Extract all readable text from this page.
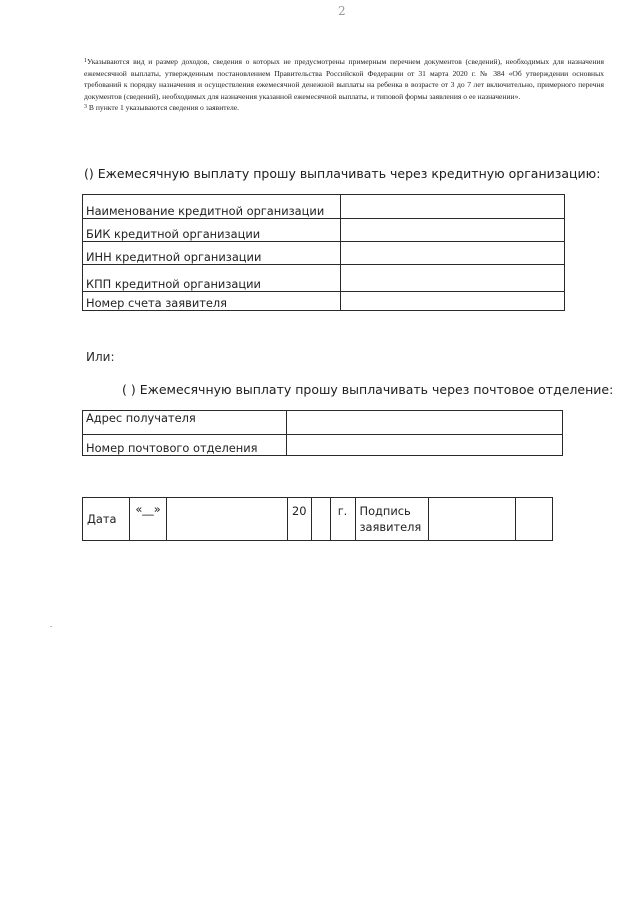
2

$^1$Указываются вид и размер доходов, сведения о которых не предусмотрены примерным перечнем документов (сведений), необходимых для назначения ежемесячной выплаты, утвержденным постановлением Правительства Российской Федерации от 31 марта 2020 г. № 384 «Об утверждении основных требований к порядку назначения и осуществления ежемесячной денежной выплаты на ребенка в возрасте от 3 до 7 лет включительно, примерного перечня документов (сведений), необходимых для назначения указанной ежемесячной выплаты, и типовой формы заявления о ее назначении».

$^3$ В пункте 1 указываются сведения о заявителе.

() Ежемесячную выплату прошу выплачивать через кредитную организацию:
Наименование кредитной организации	
БИК кредитной организации	
ИНН кредитной организации	
КПП кредитной организации	
Номер счета заявителя	
Или:
( ) Ежемесячную выплату прошу выплачивать через почтовое отделение:
Адрес получателя	
Номер почтового отделения	
Дата	«__»		20		г.	Подпись заявителя		
